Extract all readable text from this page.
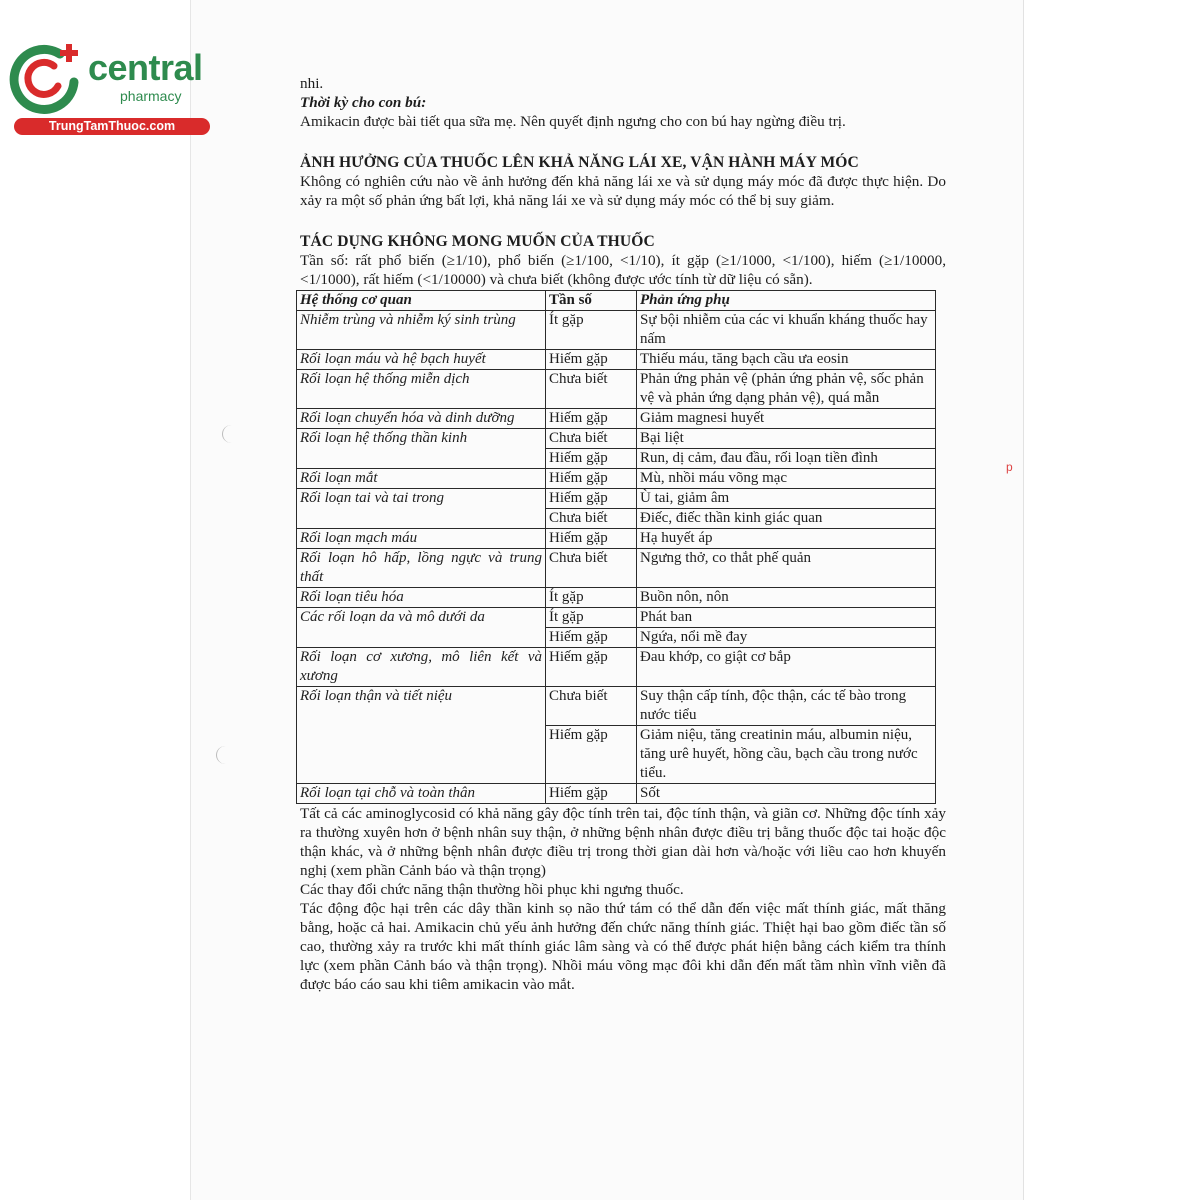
central
pharmacy
TrungTamThuoc.com
p

nhi.

Thời kỳ cho con bú:

Amikacin được bài tiết qua sữa mẹ. Nên quyết định ngưng cho con bú hay ngừng điều trị.

ẢNH HƯỞNG CỦA THUỐC LÊN KHẢ NĂNG LÁI XE, VẬN HÀNH MÁY MÓC

Không có nghiên cứu nào về ảnh hưởng đến khả năng lái xe và sử dụng máy móc đã được thực hiện. Do xảy ra một số phản ứng bất lợi, khả năng lái xe và sử dụng máy móc có thể bị suy giảm.

TÁC DỤNG KHÔNG MONG MUỐN CỦA THUỐC

Tần số: rất phổ biến (≥1/10), phổ biến (≥1/100, <1/10), ít gặp (≥1/1000, <1/100), hiếm (≥1/10000, <1/1000), rất hiếm (<1/10000) và chưa biết (không được ước tính từ dữ liệu có sẵn).

Hệ thống cơ quan	Tần số	Phản ứng phụ
Nhiễm trùng và nhiễm ký sinh trùng	Ít gặp	Sự bội nhiễm của các vi khuẩn kháng thuốc hay nấm
Rối loạn máu và hệ bạch huyết	Hiếm gặp	Thiếu máu, tăng bạch cầu ưa eosin
Rối loạn hệ thống miễn dịch	Chưa biết	Phản ứng phản vệ (phản ứng phản vệ, sốc phản vệ và phản ứng dạng phản vệ), quá mẫn
Rối loạn chuyển hóa và dinh dưỡng	Hiếm gặp	Giảm magnesi huyết
Rối loạn hệ thống thần kinh	Chưa biết	Bại liệt
	Hiếm gặp	Run, dị cảm, đau đầu, rối loạn tiền đình
Rối loạn mắt	Hiếm gặp	Mù, nhồi máu võng mạc
Rối loạn tai và tai trong	Hiếm gặp	Ù tai, giảm âm
	Chưa biết	Điếc, điếc thần kinh giác quan
Rối loạn mạch máu	Hiếm gặp	Hạ huyết áp
Rối loạn hô hấp, lồng ngực và trung thất	Chưa biết	Ngưng thở, co thắt phế quản
Rối loạn tiêu hóa	Ít gặp	Buồn nôn, nôn
Các rối loạn da và mô dưới da	Ít gặp	Phát ban
	Hiếm gặp	Ngứa, nổi mề đay
Rối loạn cơ xương, mô liên kết và xương	Hiếm gặp	Đau khớp, co giật cơ bắp
Rối loạn thận và tiết niệu	Chưa biết	Suy thận cấp tính, độc thận, các tế bào trong nước tiểu
	Hiếm gặp	Giảm niệu, tăng creatinin máu, albumin niệu, tăng urê huyết, hồng cầu, bạch cầu trong nước tiểu.
Rối loạn tại chỗ và toàn thân	Hiếm gặp	Sốt

Tất cả các aminoglycosid có khả năng gây độc tính trên tai, độc tính thận, và giãn cơ. Những độc tính xảy ra thường xuyên hơn ở bệnh nhân suy thận, ở những bệnh nhân được điều trị bằng thuốc độc tai hoặc độc thận khác, và ở những bệnh nhân được điều trị trong thời gian dài hơn và/hoặc với liều cao hơn khuyến nghị (xem phần Cảnh báo và thận trọng)

Các thay đổi chức năng thận thường hồi phục khi ngưng thuốc.

Tác động độc hại trên các dây thần kinh sọ não thứ tám có thể dẫn đến việc mất thính giác, mất thăng bằng, hoặc cả hai. Amikacin chủ yếu ảnh hưởng đến chức năng thính giác. Thiệt hại bao gồm điếc tần số cao, thường xảy ra trước khi mất thính giác lâm sàng và có thể được phát hiện bằng cách kiểm tra thính lực (xem phần Cảnh báo và thận trọng). Nhồi máu võng mạc đôi khi dẫn đến mất tầm nhìn vĩnh viễn đã được báo cáo sau khi tiêm amikacin vào mắt.
